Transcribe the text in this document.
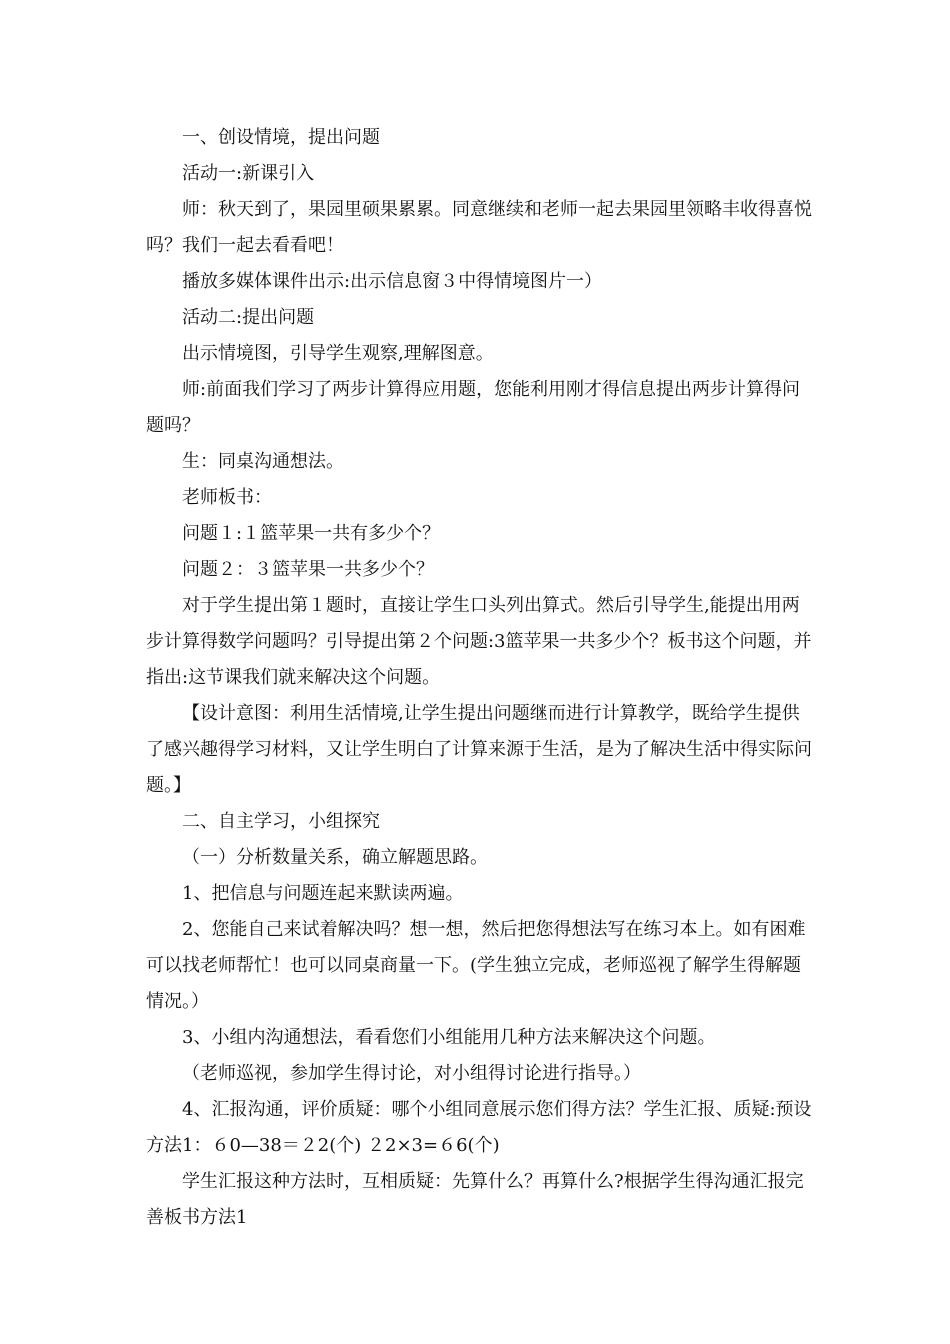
一、创设情境，提出问题

活动一:新课引入

师：秋天到了，果园里硕果累累。同意继续和老师一起去果园里领略丰收得喜悦吗？我们一起去看看吧！

播放多媒体课件出示:出示信息窗３中得情境图片一）

活动二:提出问题

出示情境图，引导学生观察,理解图意。

师:前面我们学习了两步计算得应用题，您能利用刚才得信息提出两步计算得问题吗？

生：同桌沟通想法。

老师板书：

问题１:１篮苹果一共有多少个？

问题２：３篮苹果一共多少个？

对于学生提出第１题时，直接让学生口头列出算式。然后引导学生,能提出用两步计算得数学问题吗？引导提出第２个问题:3篮苹果一共多少个？板书这个问题，并指出:这节课我们就来解决这个问题。

【设计意图：利用生活情境,让学生提出问题继而进行计算教学，既给学生提供了感兴趣得学习材料，又让学生明白了计算来源于生活，是为了解决生活中得实际问题。】

二、自主学习，小组探究

（一）分析数量关系，确立解题思路。

1、把信息与问题连起来默读两遍。

2、您能自己来试着解决吗？想一想，然后把您得想法写在练习本上。如有困难可以找老师帮忙！也可以同桌商量一下。(学生独立完成，老师巡视了解学生得解题情况。）

3、小组内沟通想法，看看您们小组能用几种方法来解决这个问题。

（老师巡视，参加学生得讨论，对小组得讨论进行指导。）

4、汇报沟通，评价质疑：哪个小组同意展示您们得方法？学生汇报、质疑:预设方法1：６0—38＝２2(个) ２2×3=６6(个)

学生汇报这种方法时，互相质疑：先算什么？再算什么?根据学生得沟通汇报完善板书方法1
